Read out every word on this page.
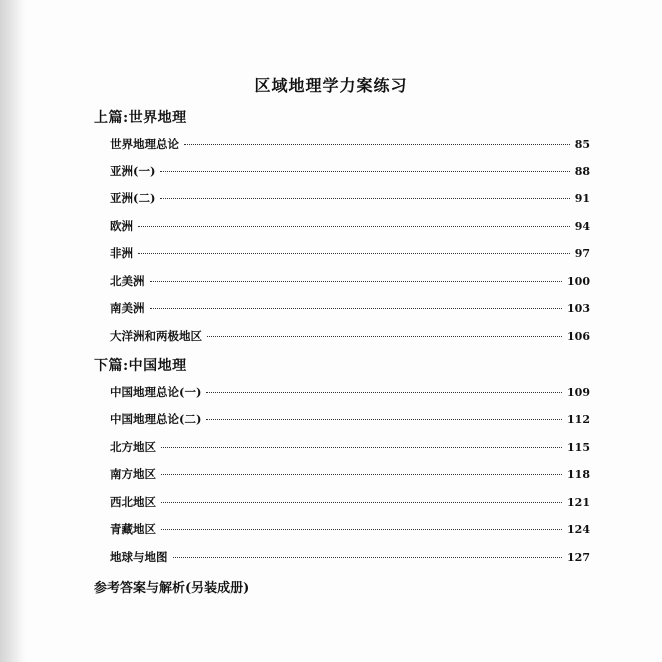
区域地理学力案练习
上篇:世界地理
世界地理总论	85
亚洲(一)	88
亚洲(二)	91
欧洲	94
非洲	97
北美洲	100
南美洲	103
大洋洲和两极地区	106
下篇:中国地理
中国地理总论(一)	109
中国地理总论(二)	112
北方地区	115
南方地区	118
西北地区	121
青藏地区	124
地球与地图	127
参考答案与解析(另装成册)
